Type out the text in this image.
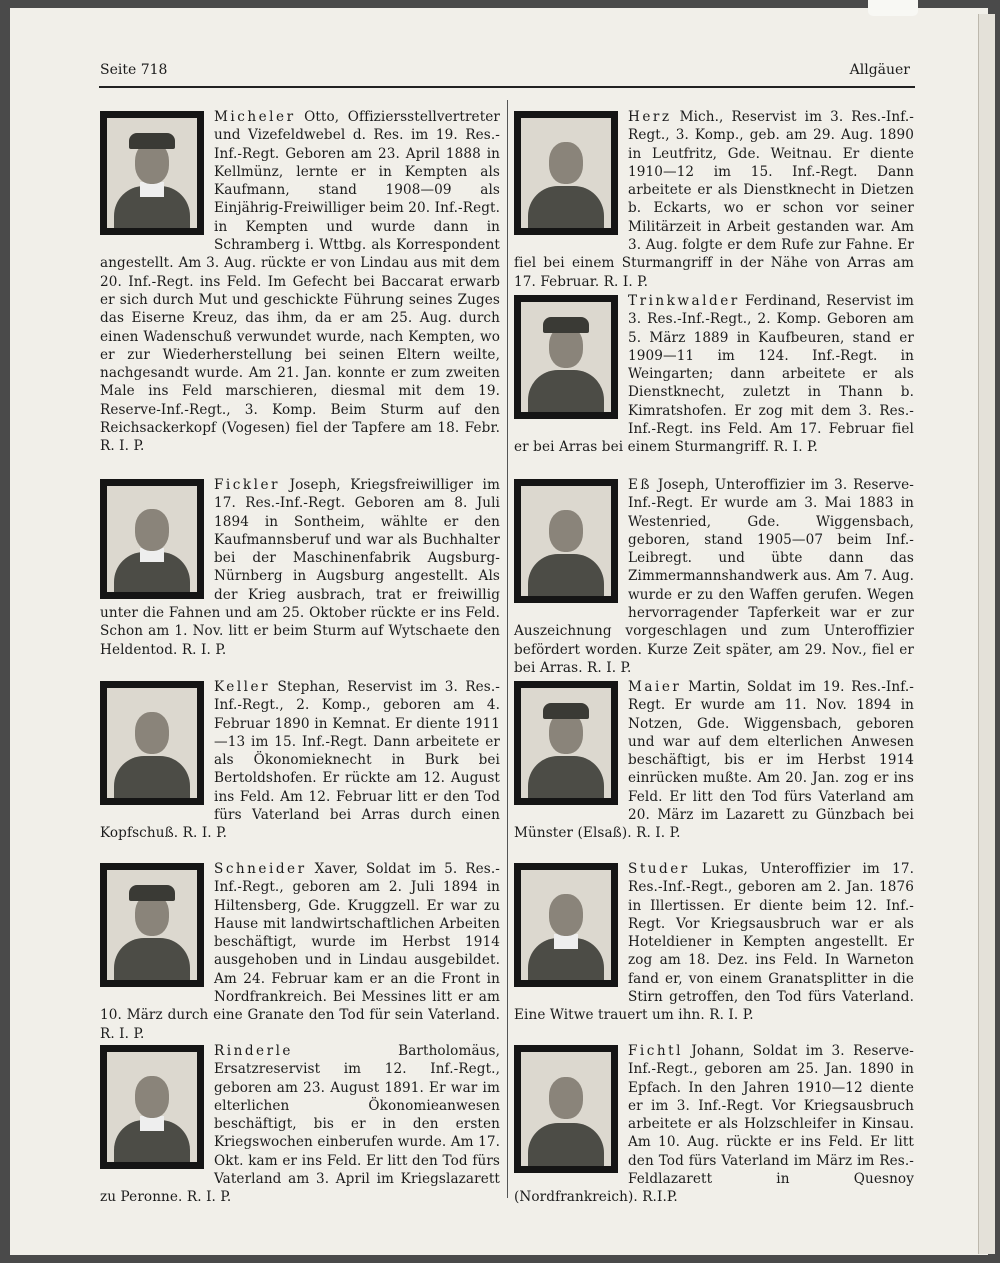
Seite 718	Allgäuer
Micheler Otto, Offiziersstellvertreter und Vizefeldwebel d. Res. im 19. Res.-Inf.-Regt. Geboren am 23. April 1888 in Kellmünz, lernte er in Kempten als Kaufmann, stand 1908—09 als Einjährig-Freiwilliger beim 20. Inf.-Regt. in Kempten und wurde dann in Schramberg i. Wttbg. als Korrespondent angestellt. Am 3. Aug. rückte er von Lindau aus mit dem 20. Inf.-Regt. ins Feld. Im Gefecht bei Baccarat erwarb er sich durch Mut und geschickte Führung seines Zuges das Eiserne Kreuz, das ihm, da er am 25. Aug. durch einen Wadenschuß verwundet wurde, nach Kempten, wo er zur Wiederherstellung bei seinen Eltern weilte, nachgesandt wurde. Am 21. Jan. konnte er zum zweiten Male ins Feld marschieren, diesmal mit dem 19. Reserve-Inf.-Regt., 3. Komp. Beim Sturm auf den Reichsackerkopf (Vogesen) fiel der Tapfere am 18. Febr. R. I. P.
Fickler Joseph, Kriegsfreiwilliger im 17. Res.-Inf.-Regt. Geboren am 8. Juli 1894 in Sontheim, wählte er den Kaufmannsberuf und war als Buchhalter bei der Maschinenfabrik Augsburg-Nürnberg in Augsburg angestellt. Als der Krieg ausbrach, trat er freiwillig unter die Fahnen und am 25. Oktober rückte er ins Feld. Schon am 1. Nov. litt er beim Sturm auf Wytschaete den Heldentod. R. I. P.
Keller Stephan, Reservist im 3. Res.-Inf.-Regt., 2. Komp., geboren am 4. Februar 1890 in Kemnat. Er diente 1911—13 im 15. Inf.-Regt. Dann arbeitete er als Ökonomieknecht in Burk bei Bertoldshofen. Er rückte am 12. August ins Feld. Am 12. Februar litt er den Tod fürs Vaterland bei Arras durch einen Kopfschuß. R. I. P.
Schneider Xaver, Soldat im 5. Res.-Inf.-Regt., geboren am 2. Juli 1894 in Hiltensberg, Gde. Kruggzell. Er war zu Hause mit landwirtschaftlichen Arbeiten beschäftigt, wurde im Herbst 1914 ausgehoben und in Lindau ausgebildet. Am 24. Februar kam er an die Front in Nordfrankreich. Bei Messines litt er am 10. März durch eine Granate den Tod für sein Vaterland. R. I. P.
Rinderle Bartholomäus, Ersatzreservist im 12. Inf.-Regt., geboren am 23. August 1891. Er war im elterlichen Ökonomieanwesen beschäftigt, bis er in den ersten Kriegswochen einberufen wurde. Am 17. Okt. kam er ins Feld. Er litt den Tod fürs Vaterland am 3. April im Kriegslazarett zu Peronne. R. I. P.
Herz Mich., Reservist im 3. Res.-Inf.-Regt., 3. Komp., geb. am 29. Aug. 1890 in Leutfritz, Gde. Weitnau. Er diente 1910—12 im 15. Inf.-Regt. Dann arbeitete er als Dienstknecht in Dietzen b. Eckarts, wo er schon vor seiner Militärzeit in Arbeit gestanden war. Am 3. Aug. folgte er dem Rufe zur Fahne. Er fiel bei einem Sturmangriff in der Nähe von Arras am 17. Februar. R. I. P.
Trinkwalder Ferdinand, Reservist im 3. Res.-Inf.-Regt., 2. Komp. Geboren am 5. März 1889 in Kaufbeuren, stand er 1909—11 im 124. Inf.-Regt. in Weingarten; dann arbeitete er als Dienstknecht, zuletzt in Thann b. Kimratshofen. Er zog mit dem 3. Res.-Inf.-Regt. ins Feld. Am 17. Februar fiel er bei Arras bei einem Sturmangriff. R. I. P.
Eß Joseph, Unteroffizier im 3. Reserve-Inf.-Regt. Er wurde am 3. Mai 1883 in Westenried, Gde. Wiggensbach, geboren, stand 1905—07 beim Inf.-Leibregt. und übte dann das Zimmermannshandwerk aus. Am 7. Aug. wurde er zu den Waffen gerufen. Wegen hervorragender Tapferkeit war er zur Auszeichnung vorgeschlagen und zum Unteroffizier befördert worden. Kurze Zeit später, am 29. Nov., fiel er bei Arras. R. I. P.
Maier Martin, Soldat im 19. Res.-Inf.-Regt. Er wurde am 11. Nov. 1894 in Notzen, Gde. Wiggensbach, geboren und war auf dem elterlichen Anwesen beschäftigt, bis er im Herbst 1914 einrücken mußte. Am 20. Jan. zog er ins Feld. Er litt den Tod fürs Vaterland am 20. März im Lazarett zu Günzbach bei Münster (Elsaß). R. I. P.
Studer Lukas, Unteroffizier im 17. Res.-Inf.-Regt., geboren am 2. Jan. 1876 in Illertissen. Er diente beim 12. Inf.-Regt. Vor Kriegsausbruch war er als Hoteldiener in Kempten angestellt. Er zog am 18. Dez. ins Feld. In Warneton fand er, von einem Granatsplitter in die Stirn getroffen, den Tod fürs Vaterland. Eine Witwe trauert um ihn. R. I. P.
Fichtl Johann, Soldat im 3. Reserve-Inf.-Regt., geboren am 25. Jan. 1890 in Epfach. In den Jahren 1910—12 diente er im 3. Inf.-Regt. Vor Kriegsausbruch arbeitete er als Holzschleifer in Kinsau. Am 10. Aug. rückte er ins Feld. Er litt den Tod fürs Vaterland im März im Res.-Feldlazarett in Quesnoy (Nordfrankreich). R.I.P.
